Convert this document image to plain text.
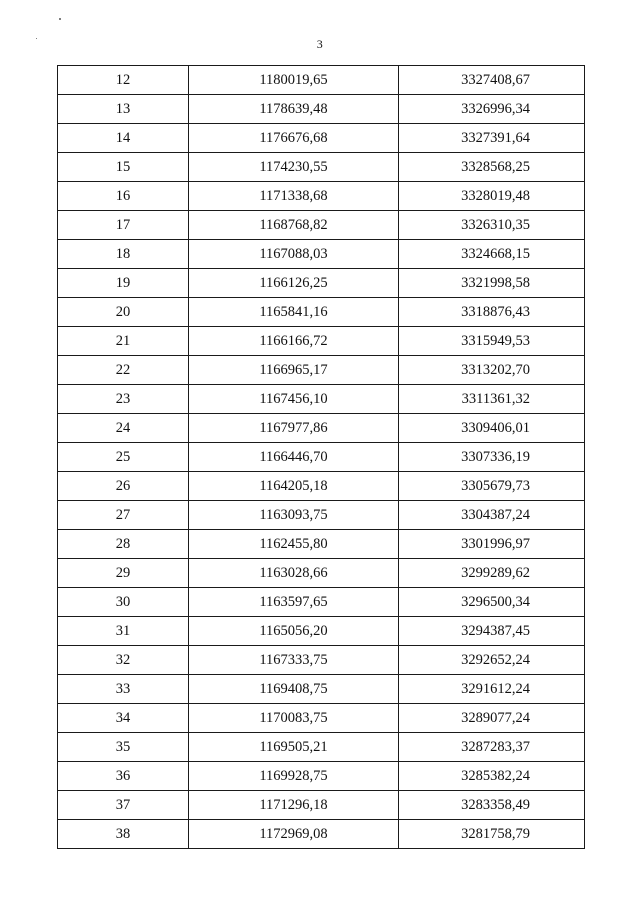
3
12	1180019,65	3327408,67
13	1178639,48	3326996,34
14	1176676,68	3327391,64
15	1174230,55	3328568,25
16	1171338,68	3328019,48
17	1168768,82	3326310,35
18	1167088,03	3324668,15
19	1166126,25	3321998,58
20	1165841,16	3318876,43
21	1166166,72	3315949,53
22	1166965,17	3313202,70
23	1167456,10	3311361,32
24	1167977,86	3309406,01
25	1166446,70	3307336,19
26	1164205,18	3305679,73
27	1163093,75	3304387,24
28	1162455,80	3301996,97
29	1163028,66	3299289,62
30	1163597,65	3296500,34
31	1165056,20	3294387,45
32	1167333,75	3292652,24
33	1169408,75	3291612,24
34	1170083,75	3289077,24
35	1169505,21	3287283,37
36	1169928,75	3285382,24
37	1171296,18	3283358,49
38	1172969,08	3281758,79
